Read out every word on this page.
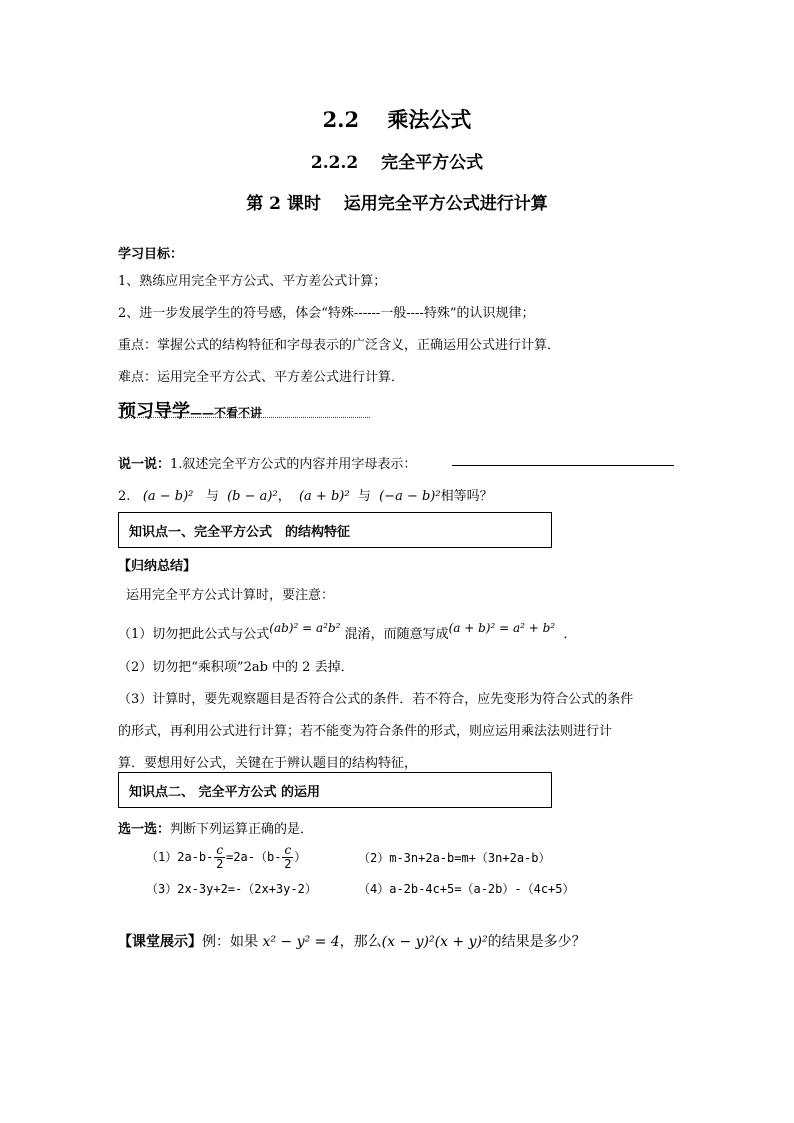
2.2　 乘法公式
2.2.2　 完全平方公式
第 2 课时　 运用完全平方公式进行计算
学习目标：
1、熟练应用完全平方公式、平方差公式计算；
2、进一步发展学生的符号感，体会“特殊------一般----特殊”的认识规律；
重点：掌握公式的结构特征和字母表示的广泛含义，正确运用公式进行计算．
难点：运用完全平方公式、平方差公式进行计算．
预习导学——不看不讲
说一说：1.叙述完全平方公式的内容并用字母表示：
2. (a − b)² 与 (b − a)²， (a + b)² 与 (−a − b)²相等吗？
知识点一、完全平方公式　的结构特征
【归纳总结】
运用完全平方公式计算时，要注意：
（1）切勿把此公式与公式(ab)² = a²b² 混淆，而随意写成(a + b)² = a² + b² ．
（2）切勿把“乘积项”2ab 中的 2 丢掉．
（3）计算时，要先观察题目是否符合公式的条件．若不符合，应先变形为符合公式的条件
的形式，再利用公式进行计算；若不能变为符合条件的形式，则应运用乘法法则进行计
算．要想用好公式，关键在于辨认题目的结构特征，
知识点二、 完全平方公式 的运用
选一选：判断下列运算正确的是．
$(1)2a-b- \frac{c}{2} =2a-(b- \frac{c}{2}$ ）	（2）m-3n+2a-b=m+（3n+2a-b）
（3）2x-3y+2=-（2x+3y-2）	（4）a-2b-4c+5=（a-2b）-（4c+5）
【课堂展示】例：如果 x² − y² = 4，那么(x − y)²(x + y)²的结果是多少？
